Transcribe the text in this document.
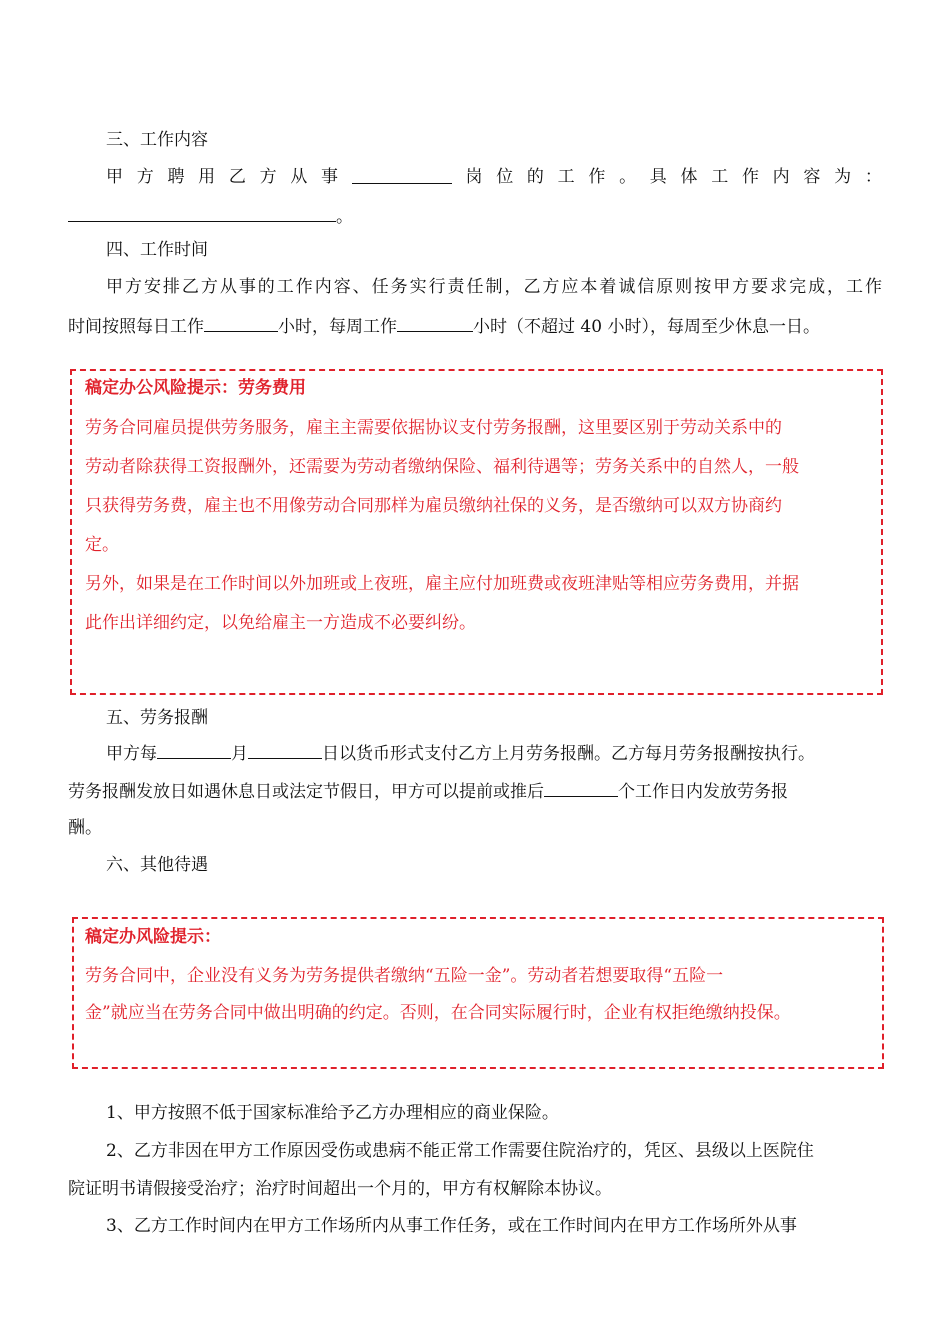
三、工作内容
甲 方 聘 用 乙 方 从 事	岗 位 的 工 作 。 具 体 工 作 内 容 为 ：
。
四、工作时间
甲方安排乙方从事的工作内容、任务实行责任制，乙方应本着诚信原则按甲方要求完成，工作
时间按照每日工作	小时，每周工作	小时（不超过 40 小时），每周至少休息一日。
稿定办公风险提示：劳务费用
劳务合同雇员提供劳务服务，雇主主需要依据协议支付劳务报酬，这里要区别于劳动关系中的
劳动者除获得工资报酬外，还需要为劳动者缴纳保险、福利待遇等；劳务关系中的自然人，一般
只获得劳务费，雇主也不用像劳动合同那样为雇员缴纳社保的义务，是否缴纳可以双方协商约
定。
另外，如果是在工作时间以外加班或上夜班，雇主应付加班费或夜班津贴等相应劳务费用，并据
此作出详细约定，以免给雇主一方造成不必要纠纷。
五、劳务报酬
甲方每	月	日以货币形式支付乙方上月劳务报酬。乙方每月劳务报酬按执行。
劳务报酬发放日如遇休息日或法定节假日，甲方可以提前或推后	个工作日内发放劳务报
酬。
六、其他待遇
稿定办风险提示：
劳务合同中，企业没有义务为劳务提供者缴纳“五险一金”。劳动者若想要取得“五险一
金”就应当在劳务合同中做出明确的约定。否则，在合同实际履行时，企业有权拒绝缴纳投保。
1、甲方按照不低于国家标准给予乙方办理相应的商业保险。
2、乙方非因在甲方工作原因受伤或患病不能正常工作需要住院治疗的，凭区、县级以上医院住
院证明书请假接受治疗；治疗时间超出一个月的，甲方有权解除本协议。
3、乙方工作时间内在甲方工作场所内从事工作任务，或在工作时间内在甲方工作场所外从事
